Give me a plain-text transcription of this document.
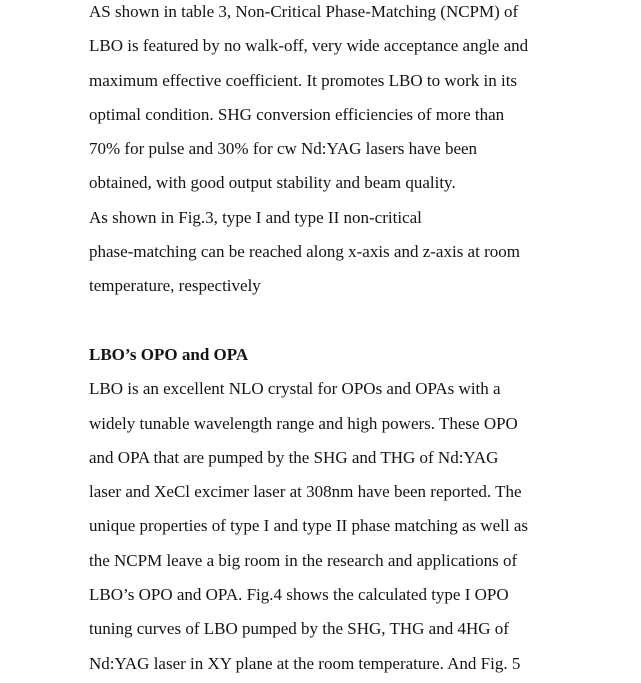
AS shown in table 3, Non-Critical Phase-Matching (NCPM) of
LBO is featured by no walk-off, very wide acceptance angle and
maximum effective coefficient. It promotes LBO to work in its
optimal condition. SHG conversion efficiencies of more than
70% for pulse and 30% for cw Nd:YAG lasers have been
obtained, with good output stability and beam quality.
As shown in Fig.3, type I and type II non-critical
phase-matching can be reached along x-axis and z-axis at room
temperature, respectively
LBO’s OPO and OPA
LBO is an excellent NLO crystal for OPOs and OPAs with a
widely tunable wavelength range and high powers. These OPO
and OPA that are pumped by the SHG and THG of Nd:YAG
laser and XeCl excimer laser at 308nm have been reported. The
unique properties of type I and type II phase matching as well as
the NCPM leave a big room in the research and applications of
LBO’s OPO and OPA. Fig.4 shows the calculated type I OPO
tuning curves of LBO pumped by the SHG, THG and 4HG of
Nd:YAG laser in XY plane at the room temperature. And Fig. 5
